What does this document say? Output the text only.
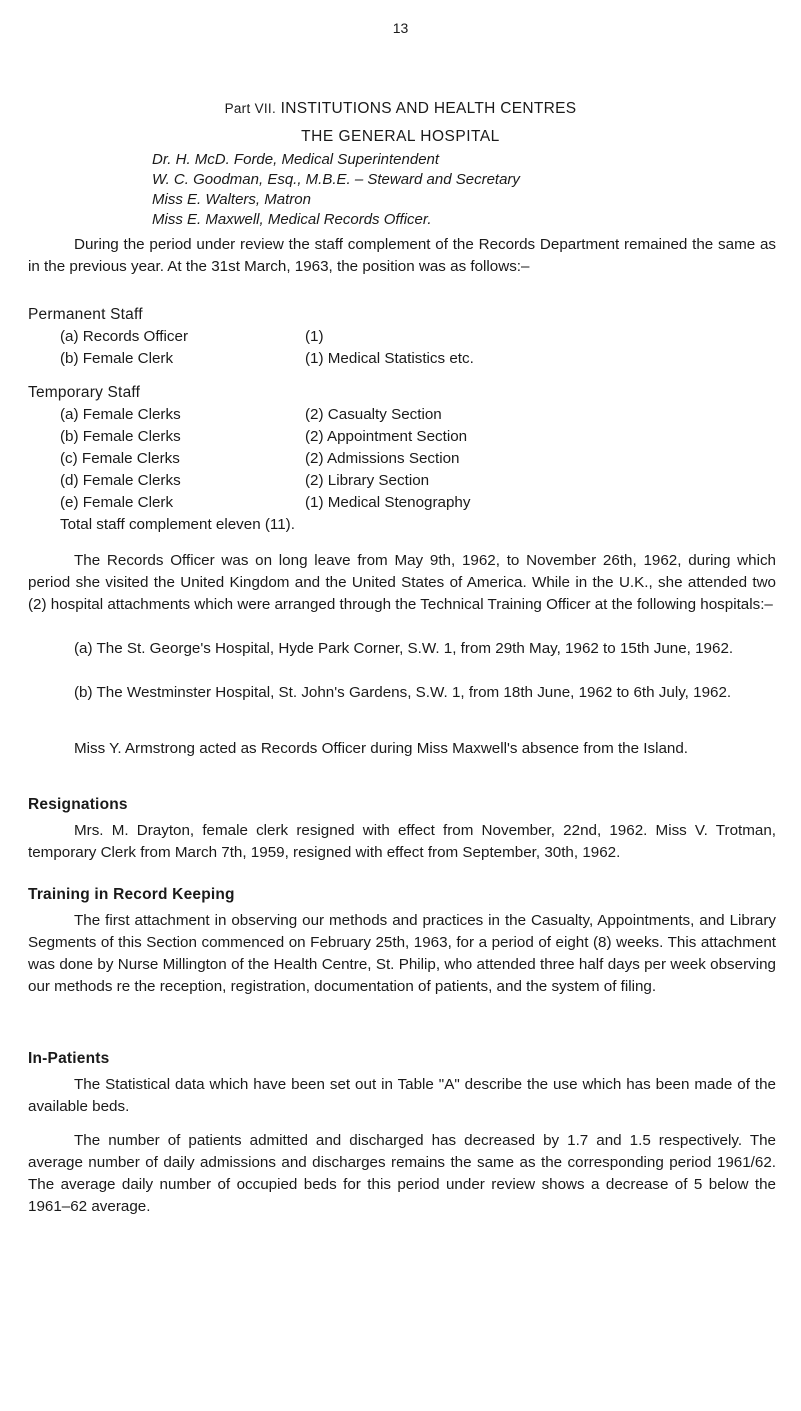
13
Part VII. INSTITUTIONS AND HEALTH CENTRES
THE GENERAL HOSPITAL
Dr. H. McD. Forde, Medical Superintendent
W. C. Goodman, Esq., M.B.E. – Steward and Secretary
Miss E. Walters, Matron
Miss E. Maxwell, Medical Records Officer.

During the period under review the staff complement of the Records Department remained the same as in the previous year. At the 31st March, 1963, the position was as follows:–

Permanent Staff
(a) Records Officer	(1)
(b) Female Clerk	(1) Medical Statistics etc.
Temporary Staff
(a) Female Clerks	(2) Casualty Section
(b) Female Clerks	(2) Appointment Section
(c) Female Clerks	(2) Admissions Section
(d) Female Clerks	(2) Library Section
(e) Female Clerk	(1) Medical Stenography
Total staff complement eleven (11).

The Records Officer was on long leave from May 9th, 1962, to November 26th, 1962, during which period she visited the United Kingdom and the United States of America. While in the U.K., she attended two (2) hospital attachments which were arranged through the Technical Training Officer at the following hospitals:–

(a) The St. George's Hospital, Hyde Park Corner, S.W. 1, from 29th May, 1962 to 15th June, 1962.

(b) The Westminster Hospital, St. John's Gardens, S.W. 1, from 18th June, 1962 to 6th July, 1962.

Miss Y. Armstrong acted as Records Officer during Miss Maxwell's absence from the Island.

Resignations

Mrs. M. Drayton, female clerk resigned with effect from November, 22nd, 1962. Miss V. Trotman, temporary Clerk from March 7th, 1959, resigned with effect from September, 30th, 1962.

Training in Record Keeping

The first attachment in observing our methods and practices in the Casualty, Appointments, and Library Segments of this Section commenced on February 25th, 1963, for a period of eight (8) weeks. This attachment was done by Nurse Millington of the Health Centre, St. Philip, who attended three half days per week observing our methods re the reception, registration, documentation of patients, and the system of filing.

In-Patients

The Statistical data which have been set out in Table "A" describe the use which has been made of the available beds.

The number of patients admitted and discharged has decreased by 1.7 and 1.5 respectively. The average number of daily admissions and discharges remains the same as the corresponding period 1961/62. The average daily number of occupied beds for this period under review shows a decrease of 5 below the 1961–62 average.
